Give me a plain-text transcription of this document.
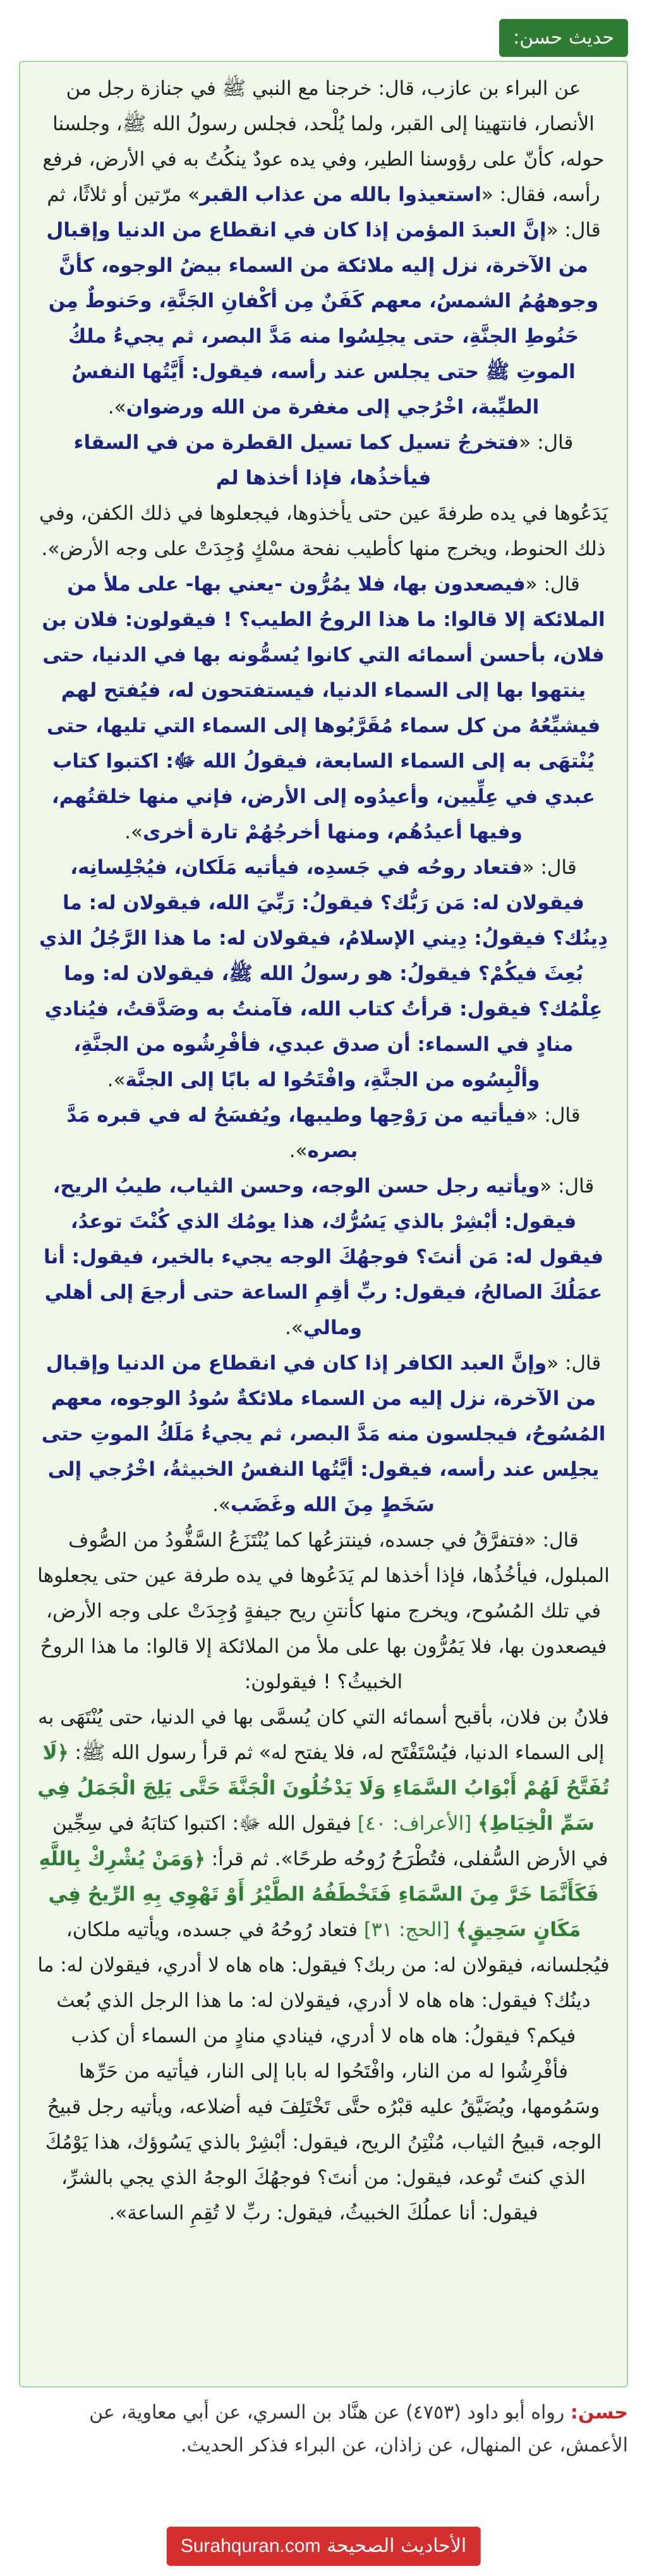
حديث حسن:

عن البراء بن عازب، قال: خرجنا مع النبي ﷺ في جنازة رجل من الأنصار، فانتهينا إلى القبر، ولما يُلْحد، فجلس رسولُ الله ﷺ، وجلسنا حوله، كأنّ على رؤوسنا الطير، وفي يده عودٌ ينكُتُ به في الأرض، فرفع رأسه، فقال: «استعيذوا بالله من عذاب القبر» مرّتين أو ثلاثًا، ثم قال: «إنَّ العبدَ المؤمن إذا كان في انقطاع من الدنيا وإقبال من الآخرة، نزل إليه ملائكة من السماء بيضُ الوجوه، كأنَّ وجوههُمُ الشمسُ، معهم كَفَنٌ مِن أكْفانِ الجَنَّةِ، وحَنوطٌ مِن حَنُوطِ الجنَّةِ، حتى يجلِسُوا منه مَدَّ البصر، ثم يجيءُ ملكُ الموتِ ﷺ حتى يجلس عند رأسه، فيقول: أَيَّتُها النفسُ الطيِّبة، اخْرُجي إلى مغفرة من الله ورضوان».

قال: «فتخرجُ تسيل كما تسيل القطرة من في السقاء فيأخذُها، فإذا أخذها لم

يَدَعُوها في يده طرفةَ عين حتى يأخذوها، فيجعلوها في ذلك الكفن، وفي ذلك الحنوط، ويخرج منها كأطيب نفحة مسْكٍ وُجِدَتْ على وجه الأرض».

قال: «فيصعدون بها، فلا يمُرُّون -يعني بها- على ملأ من الملائكة إلا قالوا: ما هذا الروحُ الطيب؟ ! فيقولون: فلان بن فلان، بأحسن أسمائه التي كانوا يُسمُّونه بها في الدنيا، حتى ينتهوا بها إلى السماء الدنيا، فيستفتحون له، فيُفتح لهم فيشيِّعُهُ من كل سماء مُقَرَّبُوها إلى السماء التي تليها، حتى يُنْتهَى به إلى السماء السابعة، فيقولُ الله ﷻ: اكتبوا كتاب عبدي في عِلِّيين، وأعيدُوه إلى الأرض، فإني منها خلقتُهم، وفيها أعيدُهُم، ومنها أخرجُهُمْ تارة أخرى».

قال: «فتعاد روحُه في جَسدِه، فيأتيه مَلَكان، فيُجْلِسانِه، فيقولان له: مَن رَبُّك؟ فيقولُ: رَبِّيَ الله، فيقولان له: ما دِينُك؟ فيقولُ: دِيني الإسلامُ، فيقولان له: ما هذا الرَّجُلُ الذي بُعِثَ فيكُمْ؟ فيقولُ: هو رسولُ الله ﷺ، فيقولان له: وما عِلْمُك؟ فيقول: قرأتُ كتاب الله، فآمنتُ به وصَدَّقتُ، فيُنادي منادٍ في السماء: أن صدق عبدي، فأفْرِشُوه من الجنَّةِ، وألْبِسُوه من الجنَّةِ، وافْتَحُوا له بابًا إلى الجنَّة».

قال: «فيأتيه من رَوْحِها وطيبها، ويُفسَحُ له في قبره مَدَّ بصره».

قال: «ويأتيه رجل حسن الوجه، وحسن الثياب، طيبُ الريح، فيقول: أبْشِرْ بالذي يَسُرُّك، هذا يومُك الذي كُنْتَ توعدُ، فيقول له: مَن أنتَ؟ فوجهُكَ الوجه يجيء بالخير، فيقول: أنا عمَلُكَ الصالحُ، فيقول: ربِّ أقِمِ الساعة حتى أرجعَ إلى أهلي ومالي».

قال: «وإنَّ العبد الكافر إذا كان في انقطاع من الدنيا وإقبال من الآخرة، نزل إليه من السماء ملائكةٌ سُودُ الوجوه، معهم المُسُوحُ، فيجلسون منه مَدَّ البصر، ثم يجيءُ مَلَكُ الموتِ حتى يجلِس عند رأسه، فيقول: أيَّتُها النفسُ الخبيثةُ، اخْرُجي إلى سَخَطٍ مِنَ الله وغَضَب».

قال: «فتفرَّقُ في جسده، فينتزعُها كما يُنْتَزَعُ السَّفُّودُ من الصُّوف المبلول، فيأخُذُها، فإذا أخذها لم يَدَعُوها في يده طرفة عين حتى يجعلوها في تلك المُسُوح، ويخرج منها كأنتنِ ريح جيفةٍ وُجِدَتْ على وجه الأرض، فيصعدون بها، فلا يَمُرُّون بها على ملأ من الملائكة إلا قالوا: ما هذا الروحُ الخبيثُ؟ ! فيقولون:

فلانُ بن فلان، بأقبح أسمائه التي كان يُسمَّى بها في الدنيا، حتى يُنْتَهَى به إلى السماء الدنيا، فيُسْتَفْتَح له، فلا يفتح له» ثم قرأ رسول الله ﷺ: ﴿لَا تُفَتَّحُ لَهُمْ أَبْوَابُ السَّمَاءِ وَلَا يَدْخُلُونَ الْجَنَّةَ حَتَّى يَلِجَ الْجَمَلُ فِي سَمِّ الْخِيَاطِ﴾ [الأعراف: ٤٠] فيقول الله ﷻ: اكتبوا كتابَهُ في سِجِّين في الأرض السُّفلى، فتُطْرَحُ رُوحُه طرحًا». ثم قرأ: ﴿وَمَنْ يُشْرِكْ بِاللَّهِ فَكَأَنَّمَا خَرَّ مِنَ السَّمَاءِ فَتَخْطَفُهُ الطَّيْرُ أَوْ تَهْوِي بِهِ الرِّيحُ فِي مَكَانٍ سَحِيقٍ﴾ [الحج: ٣١] فتعاد رُوحُهُ في جسده، ويأتيه ملكان، فيُجلسانه، فيقولان له: من ربك؟ فيقول: هاه هاه لا أدري، فيقولان له: ما دينُك؟ فيقول: هاه هاه لا أدري، فيقولان له: ما هذا الرجل الذي بُعث فيكم؟ فيقولُ: هاه هاه لا أدري، فينادي منادٍ من السماء أن كذب فأفْرِشُوا له من النار، وافْتَحُوا له بابا إلى النار، فيأتيه من حَرِّها وسَمُومها، ويُضَيَّقُ عليه قبْرُه حتَّى تَخْتَلِفَ فيه أضلاعه، ويأتيه رجل قبيحُ الوجه، قبيحُ الثياب، مُنْتِنُ الريح، فيقول: أبْشِرْ بالذي يَسُوؤك، هذا يَوْمُكَ الذي كنتَ تُوعد، فيقول: من أنتَ؟ فوجهُكَ الوجهُ الذي يجي بالشرِّ، فيقول: أنا عملُكَ الخبيثُ، فيقول: ربِّ لا تُقِمِ الساعة».

حسن: رواه أبو داود (٤٧٥٣) عن هنَّاد بن السري، عن أبي معاوية، عن الأعمش، عن المنهال، عن زاذان، عن البراء فذكر الحديث.
الأحاديث الصحيحة Surahquran.com
